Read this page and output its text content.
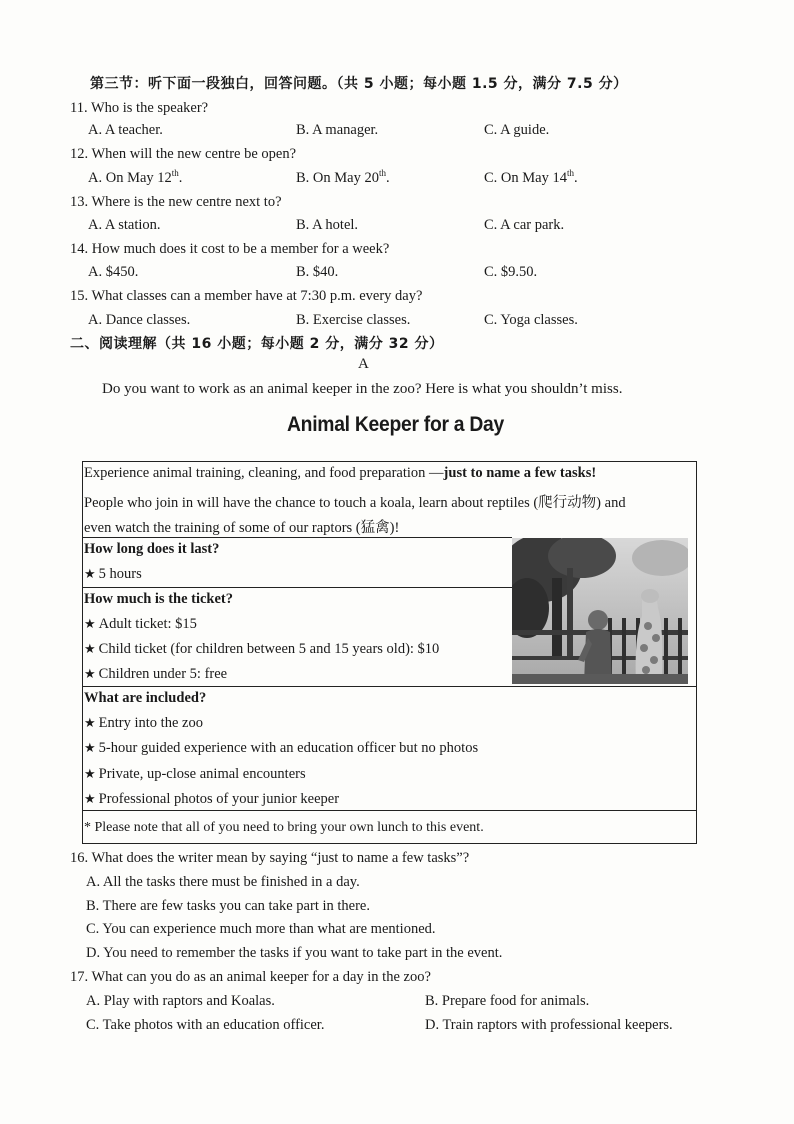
第三节：听下面一段独白，回答问题。（共 5 小题；每小题 1.5 分，满分 7.5 分）
11. Who is the speaker?
A. A teacher.	B. A manager.	C. A guide.
12. When will the new centre be open?
A. On May 12th.	B. On May 20th.	C. On May 14th.
13. Where is the new centre next to?
A. A station.	B. A hotel.	C. A car park.
14. How much does it cost to be a member for a week?
A. $450.	B. $40.	C. $9.50.
15. What classes can a member have at 7:30 p.m. every day?
A. Dance classes.	B. Exercise classes.	C. Yoga classes.
二、阅读理解（共 16 小题；每小题 2 分，满分 32 分）
A
Do you want to work as an animal keeper in the zoo? Here is what you shouldn’t miss.
Animal Keeper for a Day
Experience animal training, cleaning, and food preparation —just to name a few tasks!
People who join in will have the chance to touch a koala, learn about reptiles (爬行动物) and
even watch the training of some of our raptors (猛禽)!
How long does it last?
★ 5 hours
How much is the ticket?
★ Adult ticket: $15
★ Child ticket (for children between 5 and 15 years old): $10
★ Children under 5: free
What are included?
★ Entry into the zoo
★ 5-hour guided experience with an education officer but no photos
★ Private, up-close animal encounters
★ Professional photos of your junior keeper
* Please note that all of you need to bring your own lunch to this event.
16. What does the writer mean by saying “just to name a few tasks”?
A. All the tasks there must be finished in a day.
B. There are few tasks you can take part in there.
C. You can experience much more than what are mentioned.
D. You need to remember the tasks if you want to take part in the event.
17. What can you do as an animal keeper for a day in the zoo?
A. Play with raptors and Koalas.	B. Prepare food for animals.
C. Take photos with an education officer.	D. Train raptors with professional keepers.
